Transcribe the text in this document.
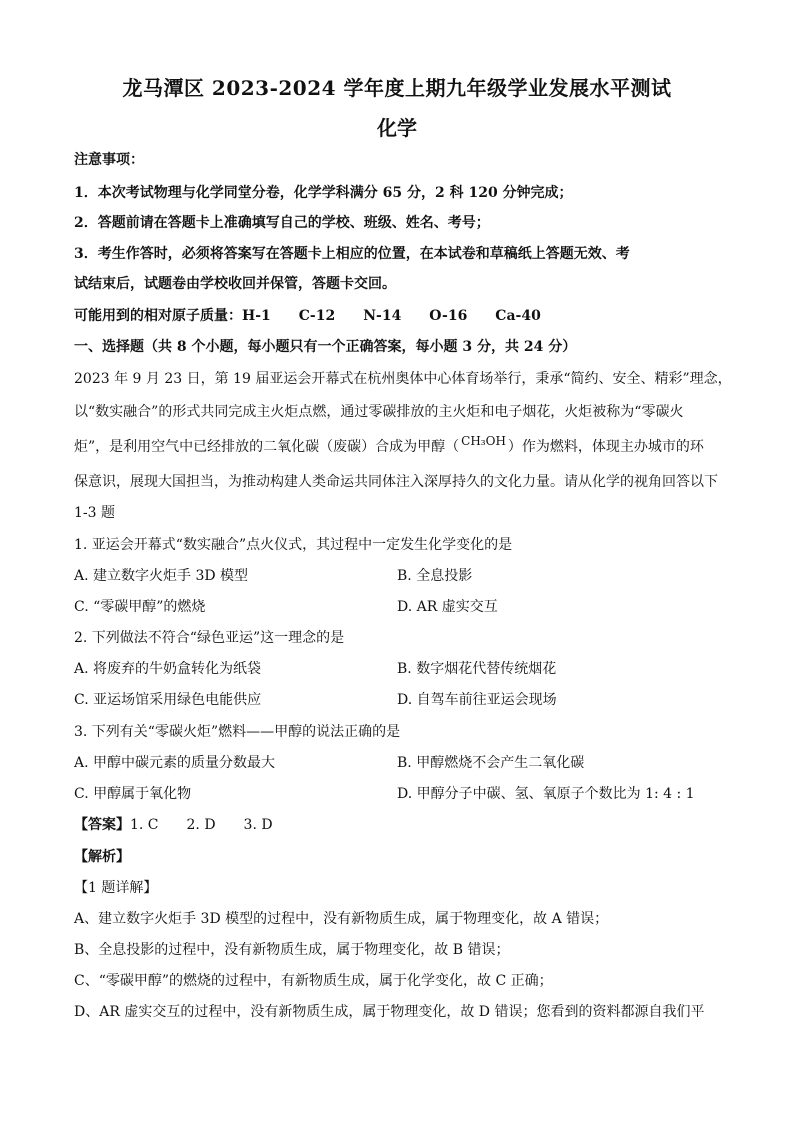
龙马潭区 2023-2024 学年度上期九年级学业发展水平测试
化学
注意事项：
1．本次考试物理与化学同堂分卷，化学学科满分 65 分，2 科 120 分钟完成；
2．答题前请在答题卡上准确填写自己的学校、班级、姓名、考号；
3．考生作答时，必须将答案写在答题卡上相应的位置，在本试卷和草稿纸上答题无效、考
试结束后，试题卷由学校收回并保管，答题卡交回。
可能用到的相对原子质量：H-1　　C-12　　N-14　　O-16　　Ca-40
一、选择题（共 8 个小题，每小题只有一个正确答案，每小题 3 分，共 24 分）
2023 年 9 月 23 日，第 19 届亚运会开幕式在杭州奥体中心体育场举行，秉承“简约、安全、精彩”理念，
以“数实融合”的形式共同完成主火炬点燃，通过零碳排放的主火炬和电子烟花，火炬被称为“零碳火
炬”，是利用空气中已经排放的二氧化碳（废碳）合成为甲醇（ CH₃OH ）作为燃料，体现主办城市的环
保意识，展现大国担当，为推动构建人类命运共同体注入深厚持久的文化力量。请从化学的视角回答以下
1-3 题
1. 亚运会开幕式“数实融合”点火仪式，其过程中一定发生化学变化的是
A. 建立数字火炬手 3D 模型	B. 全息投影
C. “零碳甲醇”的燃烧	D. AR 虚实交互
2. 下列做法不符合“绿色亚运”这一理念的是
A. 将废弃的牛奶盒转化为纸袋	B. 数字烟花代替传统烟花
C. 亚运场馆采用绿色电能供应	D. 自驾车前往亚运会现场
3. 下列有关“零碳火炬”燃料——甲醇的说法正确的是
A. 甲醇中碳元素的质量分数最大	B. 甲醇燃烧不会产生二氧化碳
C. 甲醇属于氧化物	D. 甲醇分子中碳、氢、氧原子个数比为 1: 4 : 1
【答案】1. C　　2. D　　3. D
【解析】
【1 题详解】
A、建立数字火炬手 3D 模型的过程中，没有新物质生成，属于物理变化，故 A 错误；
B、全息投影的过程中，没有新物质生成，属于物理变化，故 B 错误；
C、“零碳甲醇”的燃烧的过程中，有新物质生成，属于化学变化，故 C 正确；
D、AR 虚实交互的过程中，没有新物质生成，属于物理变化，故 D 错误；您看到的资料都源自我们平
